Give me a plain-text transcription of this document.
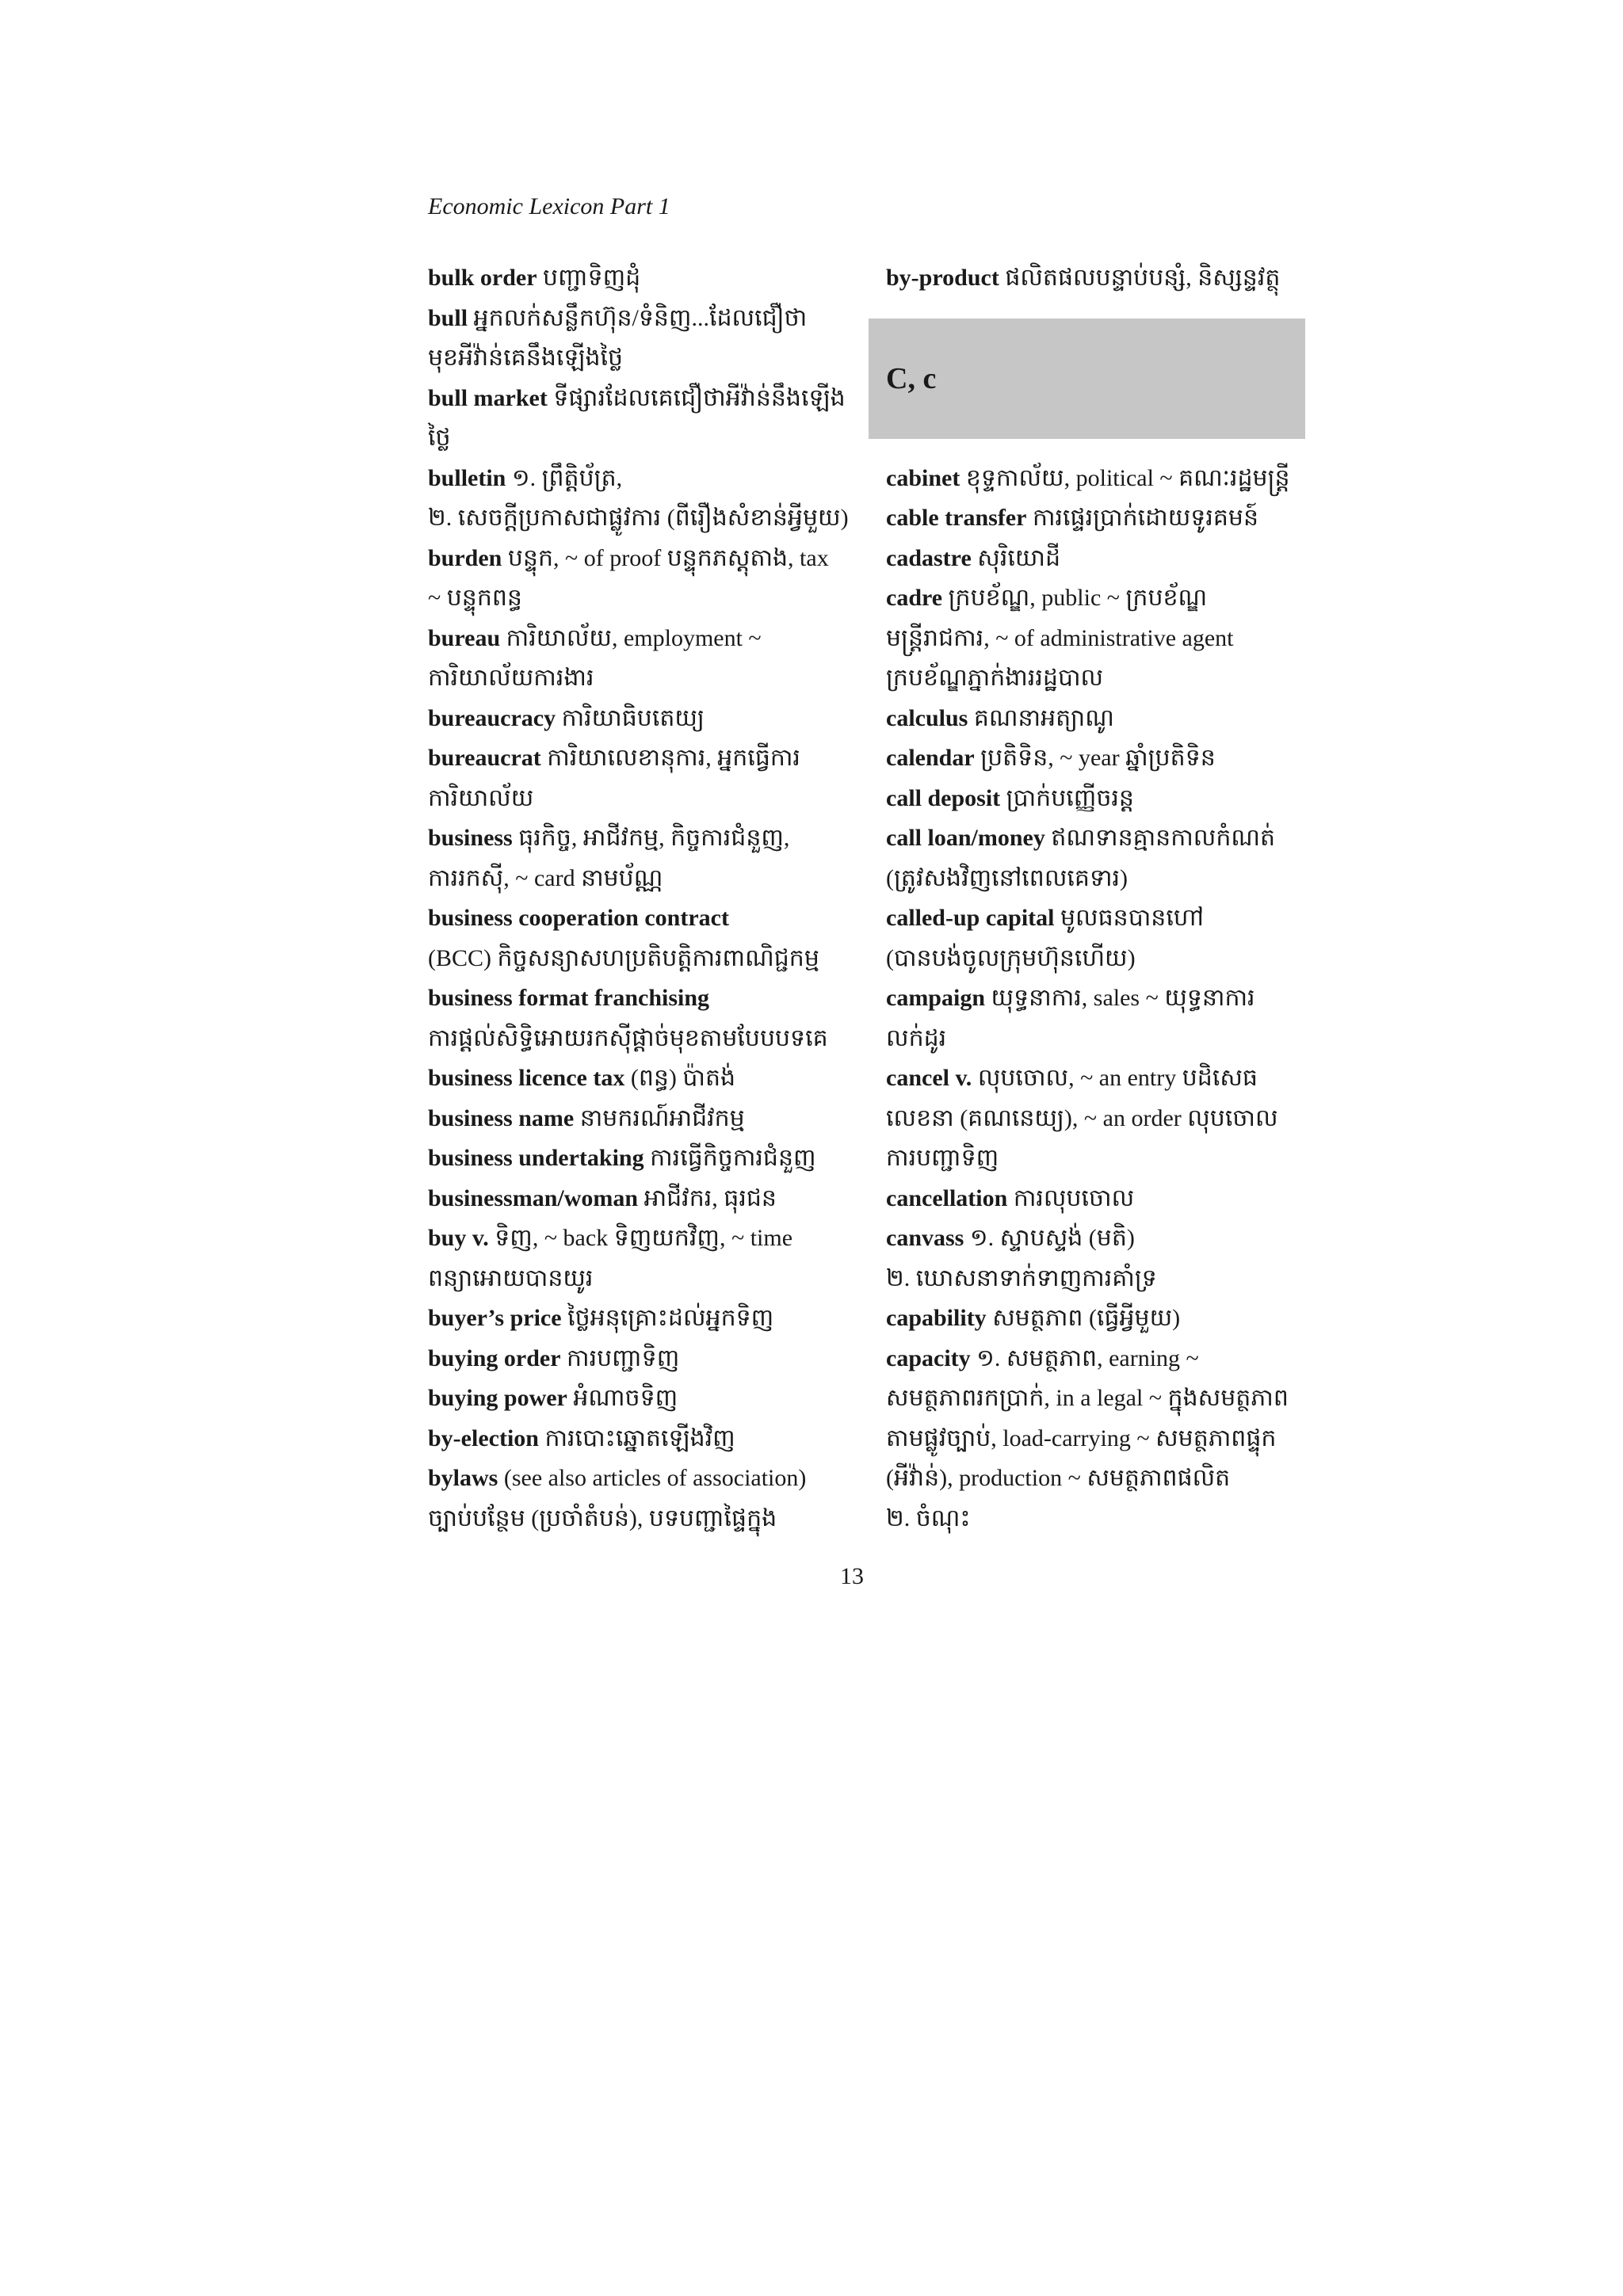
Economic Lexicon Part 1
bulk order បញ្ជាទិញដុំ
bull អ្នកលក់សន្លឹកហ៊ុន/ទំនិញ...ដែលជឿថា
មុខអីវ៉ាន់គេនឹងឡើងថ្លៃ
bull market ទីផ្សារដែលគេជឿថាអីវ៉ាន់នឹងឡើងថ្លៃ
bulletin ១. ព្រឹត្តិប័ត្រ,
២. សេចក្តីប្រកាសជាផ្លូវការ (ពីរឿងសំខាន់អ្វីមួយ)
burden បន្ទុក, ~ of proof បន្ទុកភស្តុតាង, tax
~ បន្ទុកពន្ធ
bureau ការិយាល័យ, employment ~
ការិយាល័យការងារ
bureaucracy ការិយាធិបតេយ្យ
bureaucrat ការិយាលេខានុការ, អ្នកធ្វើការ
ការិយាល័យ
business ធុរកិច្ច, អាជីវកម្ម, កិច្ចការជំនួញ,
ការរកស៊ី, ~ card នាមប័ណ្ណ
business cooperation contract
(BCC) កិច្ចសន្យាសហប្រតិបត្តិការពាណិជ្ជកម្ម
business format franchising
ការផ្តល់សិទ្ធិអោយរកស៊ីផ្តាច់មុខតាមបែបបទគេ
business licence tax (ពន្ធ) ប៉ាតង់
business name នាមករណ៍អាជីវកម្ម
business undertaking ការធ្វើកិច្ចការជំនួញ
businessman/woman អាជីវករ, ធុរជន
buy v. ទិញ, ~ back ទិញយកវិញ, ~ time
ពន្យាអោយបានយូរ
buyer’s price ថ្លៃអនុគ្រោះដល់អ្នកទិញ
buying order ការបញ្ជាទិញ
buying power អំណាចទិញ
by-election ការបោះឆ្នោតឡើងវិញ
bylaws (see also articles of association)
ច្បាប់បន្ថែម (ប្រចាំតំបន់), បទបញ្ជាផ្ទៃក្នុង
by-product ផលិតផលបន្ទាប់បន្សំ, និស្សន្ទវត្ថុ
C, c
cabinet ខុទ្ទកាល័យ, political ~ គណៈរដ្ឋមន្ត្រី
cable transfer ការផ្ទេរប្រាក់ដោយទូរគមន៍
cadastre សុរិយោដី
cadre ក្របខ័ណ្ឌ, public ~ ក្របខ័ណ្ឌ
មន្ត្រីរាជការ, ~ of administrative agent
ក្របខ័ណ្ឌភ្នាក់ងាររដ្ឋបាល
calculus គណនាអត្យាណូ
calendar ប្រតិទិន, ~ year ឆ្នាំប្រតិទិន
call deposit ប្រាក់បញ្ញើចរន្ត
call loan/money ឥណទានគ្មានកាលកំណត់
(ត្រូវសងវិញនៅពេលគេទារ)
called-up capital មូលធនបានហៅ
(បានបង់ចូលក្រុមហ៊ុនហើយ)
campaign យុទ្ធនាការ, sales ~ យុទ្ធនាការលក់ដូរ
cancel v. លុបចោល, ~ an entry បដិសេធ
លេខនា (គណនេយ្យ), ~ an order លុបចោល
ការបញ្ជាទិញ
cancellation ការលុបចោល
canvass ១. ស្ទាបស្ទង់ (មតិ)
២. ឃោសនាទាក់ទាញការគាំទ្រ
capability សមត្ថភាព (ធ្វើអ្វីមួយ)
capacity ១. សមត្ថភាព, earning ~
សមត្ថភាពរកប្រាក់, in a legal ~ ក្នុងសមត្ថភាព
តាមផ្លូវច្បាប់, load-carrying ~ សមត្ថភាពផ្ទុក
(អីវ៉ាន់), production ~ សមត្ថភាពផលិត
២. ចំណុះ
13
